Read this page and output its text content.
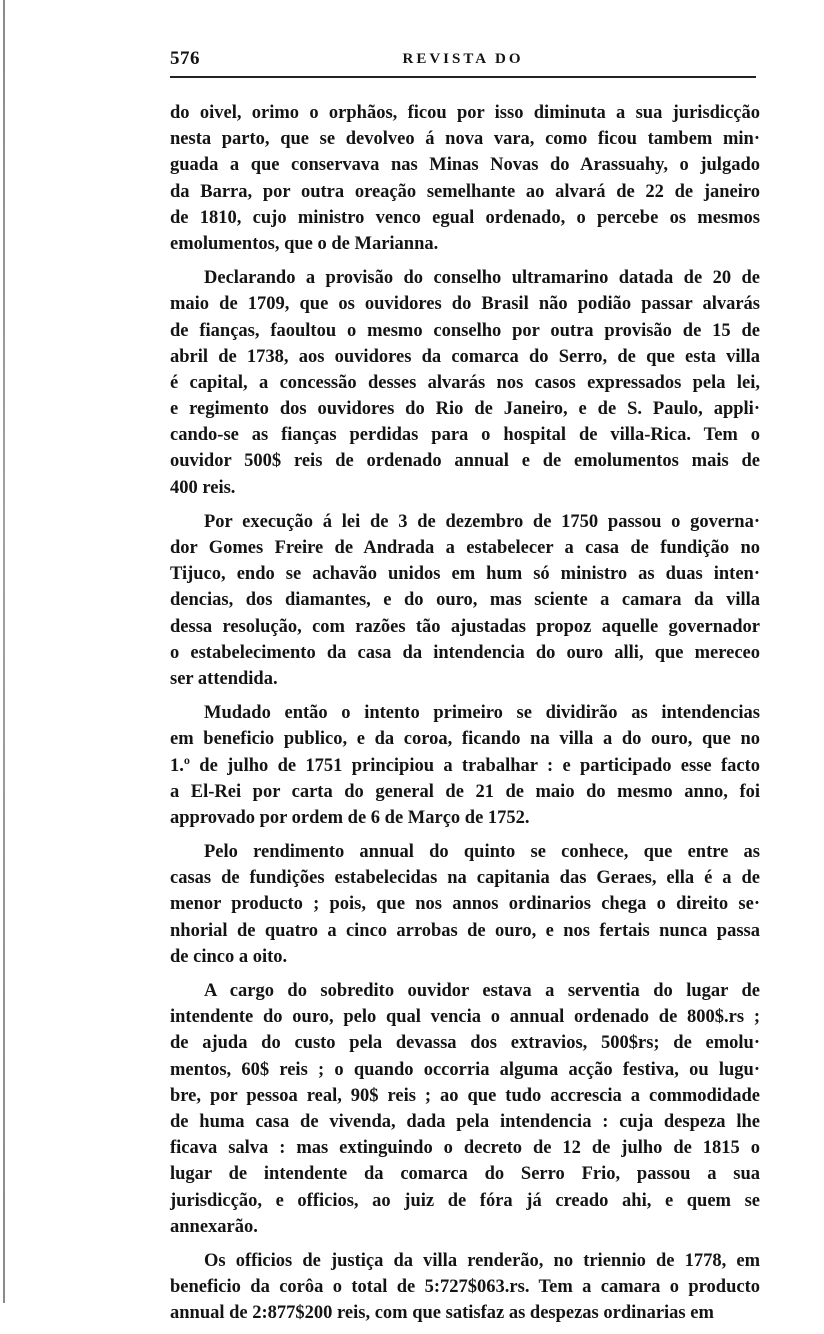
576	REVISTA DO
do oivel, orimo o orphãos, ficou por isso diminuta a sua jurisdicção
nesta parto, que se devolveo á nova vara, como ficou tambem min·
guada a que conservava nas Minas Novas do Arassuahy, o julgado
da Barra, por outra oreação semelhante ao alvará de 22 de janeiro
de 1810, cujo ministro venco egual ordenado, o percebe os mesmos
emolumentos, que o de Marianna.
Declarando a provisão do conselho ultramarino datada de 20 de
maio de 1709, que os ouvidores do Brasil não podião passar alvarás
de fianças, faoultou o mesmo conselho por outra provisão de 15 de
abril de 1738, aos ouvidores da comarca do Serro, de que esta villa
é capital, a concessão desses alvarás nos casos expressados pela lei,
e regimento dos ouvidores do Rio de Janeiro, e de S. Paulo, appli·
cando-se as fianças perdidas para o hospital de villa-Rica. Tem o
ouvidor 500$ reis de ordenado annual e de emolumentos mais de
400 reis.
Por execução á lei de 3 de dezembro de 1750 passou o governa·
dor Gomes Freire de Andrada a estabelecer a casa de fundição no
Tijuco, endo se achavão unidos em hum só ministro as duas inten·
dencias, dos diamantes, e do ouro, mas sciente a camara da villa
dessa resolução, com razões tão ajustadas propoz aquelle governador
o estabelecimento da casa da intendencia do ouro alli, que mereceo
ser attendida.
Mudado então o intento primeiro se dividirão as intendencias
em beneficio publico, e da coroa, ficando na villa a do ouro, que no
1.º de julho de 1751 principiou a trabalhar : e participado esse facto
a El-Rei por carta do general de 21 de maio do mesmo anno, foi
approvado por ordem de 6 de Março de 1752.
Pelo rendimento annual do quinto se conhece, que entre as
casas de fundições estabelecidas na capitania das Geraes, ella é a de
menor producto ; pois, que nos annos ordinarios chega o direito se·
nhorial de quatro a cinco arrobas de ouro, e nos fertais nunca passa
de cinco a oito.
A cargo do sobredito ouvidor estava a serventia do lugar de
intendente do ouro, pelo qual vencia o annual ordenado de 800$.rs ;
de ajuda do custo pela devassa dos extravios, 500$rs; de emolu·
mentos, 60$ reis ; o quando occorria alguma acção festiva, ou lugu·
bre, por pessoa real, 90$ reis ; ao que tudo accrescia a commodidade
de huma casa de vivenda, dada pela intendencia : cuja despeza lhe
ficava salva : mas extinguindo o decreto de 12 de julho de 1815 o
lugar de intendente da comarca do Serro Frio, passou a sua
jurisdicção, e officios, ao juiz de fóra já creado ahi, e quem se
annexarão.
Os officios de justiça da villa renderão, no triennio de 1778, em
beneficio da corôa o total de 5:727$063.rs. Tem a camara o producto
annual de 2:877$200 reis, com que satisfaz as despezas ordinarias em
